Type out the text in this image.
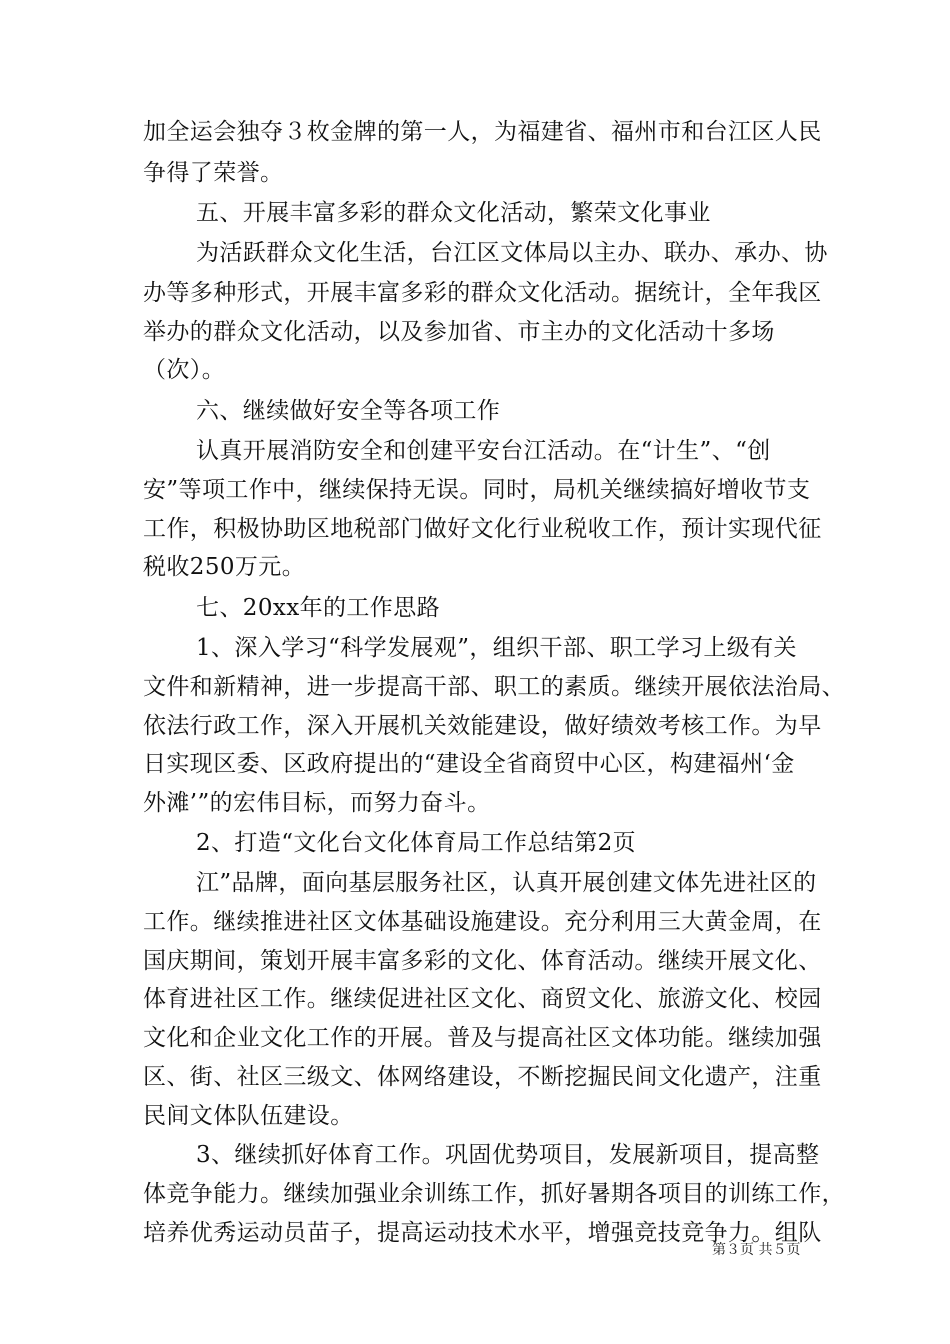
加全运会独夺３枚金牌的第一人，为福建省、福州市和台江区人民
争得了荣誉。
五、开展丰富多彩的群众文化活动，繁荣文化事业
为活跃群众文化生活，台江区文体局以主办、联办、承办、协
办等多种形式，开展丰富多彩的群众文化活动。据统计，全年我区
举办的群众文化活动，以及参加省、市主办的文化活动十多场
（次）。
六、继续做好安全等各项工作
认真开展消防安全和创建平安台江活动。在“计生”、“创
安”等项工作中，继续保持无误。同时，局机关继续搞好增收节支
工作，积极协助区地税部门做好文化行业税收工作，预计实现代征
税收250万元。
七、20xx年的工作思路
1、深入学习“科学发展观”，组织干部、职工学习上级有关
文件和新精神，进一步提高干部、职工的素质。继续开展依法治局、
依法行政工作，深入开展机关效能建设，做好绩效考核工作。为早
日实现区委、区政府提出的“建设全省商贸中心区，构建福州‘金
外滩’”的宏伟目标，而努力奋斗。
2、打造“文化台文化体育局工作总结第2页
江”品牌，面向基层服务社区，认真开展创建文体先进社区的
工作。继续推进社区文体基础设施建设。充分利用三大黄金周，在
国庆期间，策划开展丰富多彩的文化、体育活动。继续开展文化、
体育进社区工作。继续促进社区文化、商贸文化、旅游文化、校园
文化和企业文化工作的开展。普及与提高社区文体功能。继续加强
区、街、社区三级文、体网络建设，不断挖掘民间文化遗产，注重
民间文体队伍建设。
3、继续抓好体育工作。巩固优势项目，发展新项目，提高整
体竞争能力。继续加强业余训练工作，抓好暑期各项目的训练工作，
培养优秀运动员苗子，提高运动技术水平，增强竞技竞争力。组队
第３页 共５页
